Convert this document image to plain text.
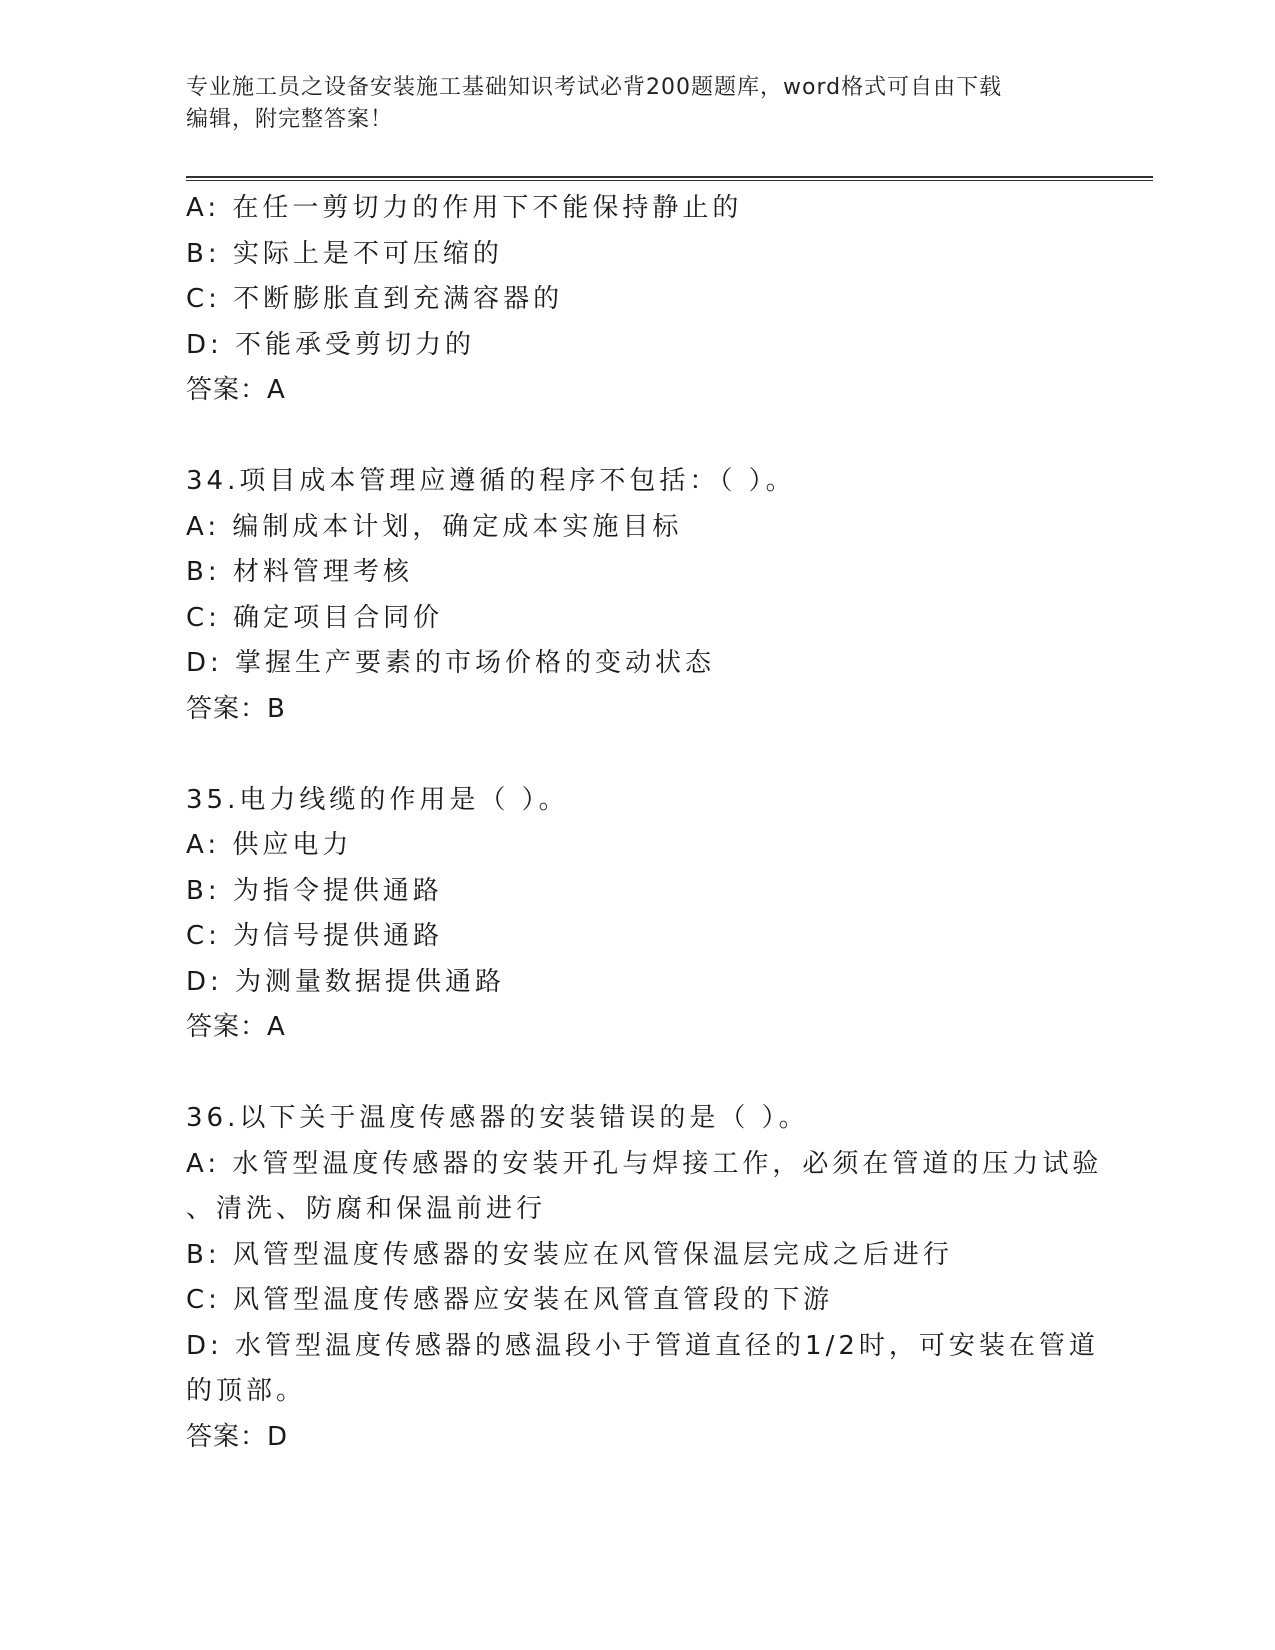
专业施工员之设备安装施工基础知识考试必背200题题库，word格式可自由下载
编辑，附完整答案！
A: 在任一剪切力的作用下不能保持静止的
B: 实际上是不可压缩的
C: 不断膨胀直到充满容器的
D: 不能承受剪切力的
答案：A
34.项目成本管理应遵循的程序不包括：（ ）。
A: 编制成本计划，确定成本实施目标
B: 材料管理考核
C: 确定项目合同价
D: 掌握生产要素的市场价格的变动状态
答案：B
35.电力线缆的作用是（ ）。
A: 供应电力
B: 为指令提供通路
C: 为信号提供通路
D: 为测量数据提供通路
答案：A
36.以下关于温度传感器的安装错误的是（ ）。
A: 水管型温度传感器的安装开孔与焊接工作，必须在管道的压力试验
、清洗、防腐和保温前进行
B: 风管型温度传感器的安装应在风管保温层完成之后进行
C: 风管型温度传感器应安装在风管直管段的下游
D: 水管型温度传感器的感温段小于管道直径的1/2时，可安装在管道
的顶部。
答案：D
